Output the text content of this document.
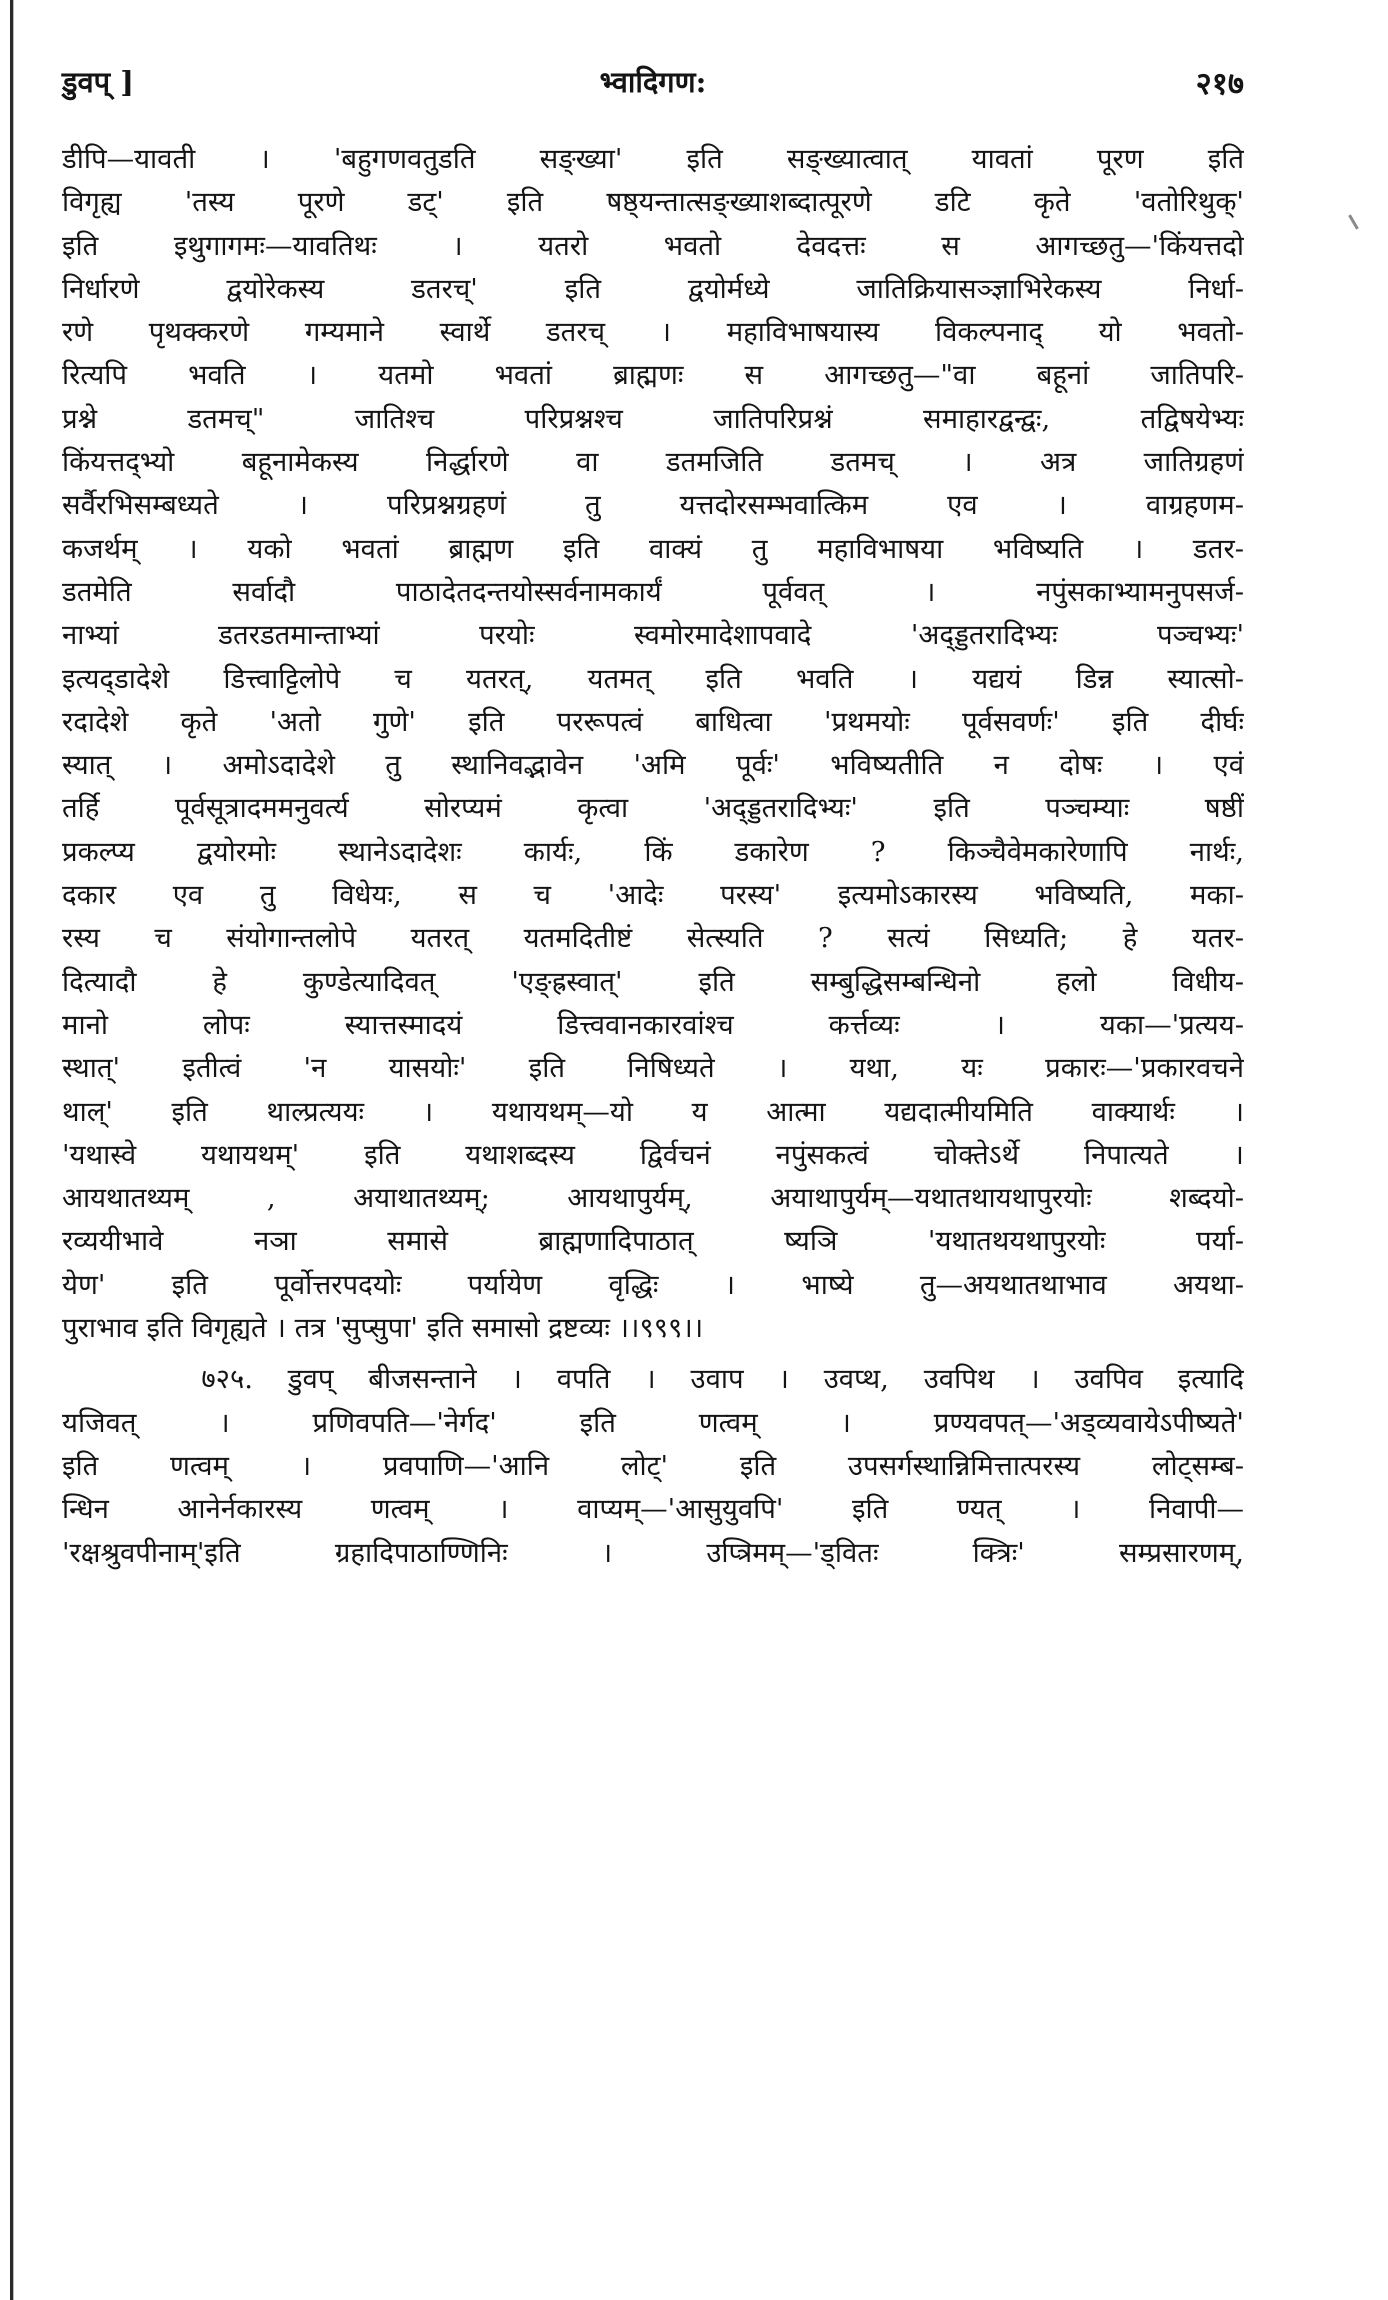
डुवप् ]	भ्वादिगण:	२१७
डीपि—यावती । 'बहुगणवतुडति सङ्ख्या' इति सङ्ख्यात्वात् यावतां पूरण इति
विगृह्य 'तस्य पूरणे डट्' इति षष्ठ्यन्तात्सङ्ख्याशब्दात्पूरणे डटि कृते 'वतोरिथुक्'
इति इथुगागमः—यावतिथः । यतरो भवतो देवदत्तः स आगच्छतु—'किंयत्तदो
निर्धारणे द्वयोरेकस्य डतरच्' इति द्वयोर्मध्ये जातिक्रियासञ्ज्ञाभिरेकस्य निर्धा-
रणे पृथक्करणे गम्यमाने स्वार्थे डतरच् । महाविभाषयास्य विकल्पनाद् यो भवतो-
रित्यपि भवति । यतमो भवतां ब्राह्मणः स आगच्छतु—"वा बहूनां जातिपरि-
प्रश्ने डतमच्" जातिश्च परिप्रश्नश्च जातिपरिप्रश्नं समाहारद्वन्द्वः, तद्विषयेभ्यः
किंयत्तद्भ्यो बहूनामेकस्य निर्द्धारणे वा डतमजिति डतमच् । अत्र जातिग्रहणं
सर्वैरभिसम्बध्यते । परिप्रश्नग्रहणं तु यत्तदोरसम्भवात्किम एव । वाग्रहणम-
कजर्थम् । यको भवतां ब्राह्मण इति वाक्यं तु महाविभाषया भविष्यति । डतर-
डतमेति सर्वादौ पाठादेतदन्तयोस्सर्वनामकार्यं पूर्ववत् । नपुंसकाभ्यामनुपसर्ज-
नाभ्यां डतरडतमान्ताभ्यां परयोः स्वमोरमादेशापवादे 'अद्ड्डतरादिभ्यः पञ्चभ्यः'
इत्यद्डादेशे डित्त्वाट्टिलोपे च यतरत्, यतमत् इति भवति । यद्ययं डिन्न स्यात्सो-
रदादेशे कृते 'अतो गुणे' इति पररूपत्वं बाधित्वा 'प्रथमयोः पूर्वसवर्णः' इति दीर्घः
स्यात् । अमोऽदादेशे तु स्थानिवद्भावेन 'अमि पूर्वः' भविष्यतीति न दोषः । एवं
तर्हि पूर्वसूत्रादममनुवर्त्य सोरप्यमं कृत्वा 'अद्ड्डतरादिभ्यः' इति पञ्चम्याः षष्ठीं
प्रकल्प्य द्वयोरमोः स्थानेऽदादेशः कार्यः, किं डकारेण ? किञ्चैवेमकारेणापि नार्थः,
दकार एव तु विधेयः, स च 'आदेः परस्य' इत्यमोऽकारस्य भविष्यति, मका-
रस्य च संयोगान्तलोपे यतरत् यतमदितीष्टं सेत्स्यति ? सत्यं सिध्यति; हे यतर-
दित्यादौ हे कुण्डेत्यादिवत् 'एङ्ह्रस्वात्' इति सम्बुद्धिसम्बन्धिनो हलो विधीय-
मानो लोपः स्यात्तस्मादयं डित्त्ववानकारवांश्च कर्त्तव्यः । यका—'प्रत्यय-
स्थात्' इतीत्वं 'न यासयोः' इति निषिध्यते । यथा, यः प्रकारः—'प्रकारवचने
थाल्' इति थाल्प्रत्ययः । यथायथम्—यो य आत्मा यद्यदात्मीयमिति वाक्यार्थः ।
'यथास्वे यथायथम्' इति यथाशब्दस्य द्विर्वचनं नपुंसकत्वं चोक्तेऽर्थे निपात्यते ।
आयथातथ्यम् , अयाथातथ्यम्; आयथापुर्यम्, अयाथापुर्यम्—यथातथायथापुरयोः शब्दयो-
रव्ययीभावे नञा समासे ब्राह्मणादिपाठात् ष्यञि 'यथातथयथापुरयोः पर्या-
येण' इति पूर्वोत्तरपदयोः पर्यायेण वृद्धिः । भाष्ये तु—अयथातथाभाव अयथा-
पुराभाव इति विगृह्यते । तत्र 'सुप्सुपा' इति समासो द्रष्टव्यः ।।९९९।।
७२५. डुवप् बीजसन्ताने । वपति । उवाप । उवप्थ, उवपिथ । उवपिव इत्यादि
यजिवत् । प्रणिवपति—'नेर्गद' इति णत्वम् । प्रण्यवपत्—'अड्व्यवायेऽपीष्यते'
इति णत्वम् । प्रवपाणि—'आनि लोट्' इति उपसर्गस्थान्निमित्तात्परस्य लोट्सम्ब-
न्धिन आनेर्नकारस्य णत्वम् । वाप्यम्—'आसुयुवपि' इति ण्यत् । निवापी—
'रक्षश्रुवपीनाम्'इति ग्रहादिपाठाण्णिनिः । उप्त्रिमम्—'ड्वितः क्त्रिः' सम्प्रसारणम्,
